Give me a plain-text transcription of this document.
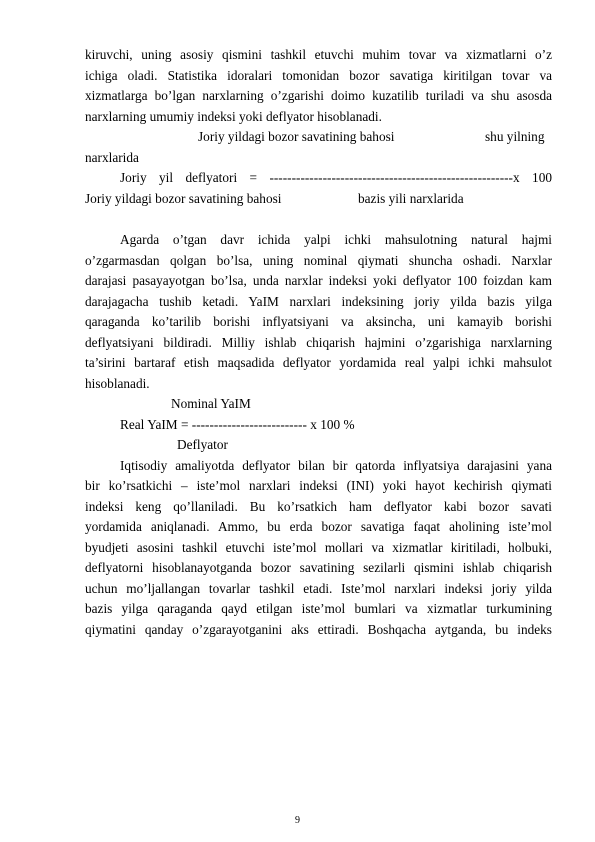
kiruvchi, uning asosiy qismini tashkil etuvchi muhim tovar va xizmatlarni o’z
ichiga oladi. Statistika idoralari tomonidan bozor savatiga kiritilgan tovar va
xizmatlarga bo’lgan narxlarning o’zgarishi doimo kuzatilib turiladi va shu asosda
narxlarning umumiy indeksi yoki deflyator hisoblanadi.
Joriy yildagi bozor savatining bahosi	shu yilning
narxlarida
Joriy yil deflyatori = -------------------------------------------------------x 100
Joriy yildagi bozor savatining bahosi	bazis yili narxlarida
Agarda o’tgan davr ichida yalpi ichki mahsulotning natural hajmi
o’zgarmasdan qolgan bo’lsa, uning nominal qiymati shuncha oshadi. Narxlar
darajasi pasayayotgan bo’lsa, unda narxlar indeksi yoki deflyator 100 foizdan kam
darajagacha tushib ketadi. YaIM narxlari indeksining joriy yilda bazis yilga
qaraganda ko’tarilib borishi inflyatsiyani va aksincha, uni kamayib borishi
deflyatsiyani bildiradi. Milliy ishlab chiqarish hajmini o’zgarishiga narxlarning
ta’sirini bartaraf etish maqsadida deflyator yordamida real yalpi ichki mahsulot
hisoblanadi.
Nominal YaIM
Real YaIM = -------------------------- x 100 %
Deflyator
Iqtisodiy amaliyotda deflyator bilan bir qatorda inflyatsiya darajasini yana
bir ko’rsatkichi – iste’mol narxlari indeksi (INI) yoki hayot kechirish qiymati
indeksi keng qo’llaniladi. Bu ko’rsatkich ham deflyator kabi bozor savati
yordamida aniqlanadi. Ammo, bu erda bozor savatiga faqat aholining iste’mol
byudjeti asosini tashkil etuvchi iste’mol mollari va xizmatlar kiritiladi, holbuki,
deflyatorni hisoblanayotganda bozor savatining sezilarli qismini ishlab chiqarish
uchun mo’ljallangan tovarlar tashkil etadi. Iste’mol narxlari indeksi joriy yilda
bazis yilga qaraganda qayd etilgan iste’mol bumlari va xizmatlar turkumining
qiymatini qanday o’zgarayotganini aks ettiradi. Boshqacha aytganda, bu indeks
9
